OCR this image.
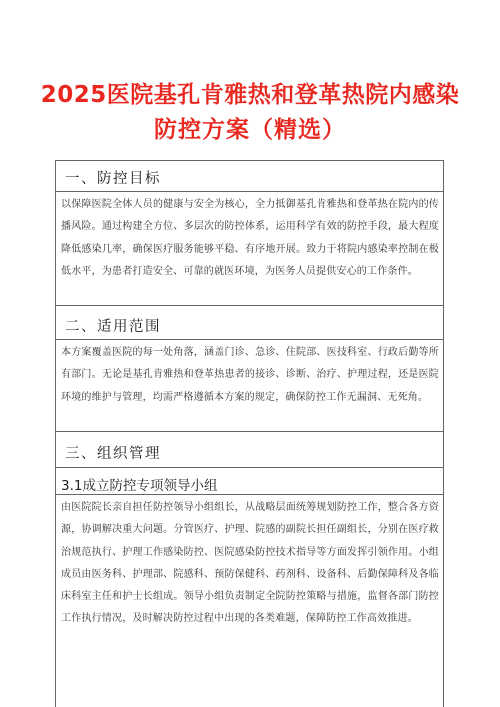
2025医院基孔肯雅热和登革热院内感染
防控方案（精选）
一、防控目标

以保障医院全体人员的健康与安全为核心，全力抵御基孔肯雅热和登革热在院内的传播风险。通过构建全方位、多层次的防控体系，运用科学有效的防控手段，最大程度降低感染几率，确保医疗服务能够平稳、有序地开展。致力于将院内感染率控制在极低水平，为患者打造安全、可靠的就医环境，为医务人员提供安心的工作条件。

二、适用范围

本方案覆盖医院的每一处角落，涵盖门诊、急诊、住院部、医技科室、行政后勤等所有部门。无论是基孔肯雅热和登革热患者的接诊、诊断、治疗、护理过程，还是医院环境的维护与管理，均需严格遵循本方案的规定，确保防控工作无漏洞、无死角。

三、组织管理
3.1成立防控专项领导小组

由医院院长亲自担任防控领导小组组长，从战略层面统筹规划防控工作，整合各方资源，协调解决重大问题。分管医疗、护理、院感的副院长担任副组长，分别在医疗救治规范执行、护理工作感染防控、医院感染防控技术指导等方面发挥引领作用。小组成员由医务科、护理部、院感科、预防保健科、药剂科、设备科、后勤保障科及各临床科室主任和护士长组成。领导小组负责制定全院防控策略与措施，监督各部门防控工作执行情况，及时解决防控过程中出现的各类难题，保障防控工作高效推进。
